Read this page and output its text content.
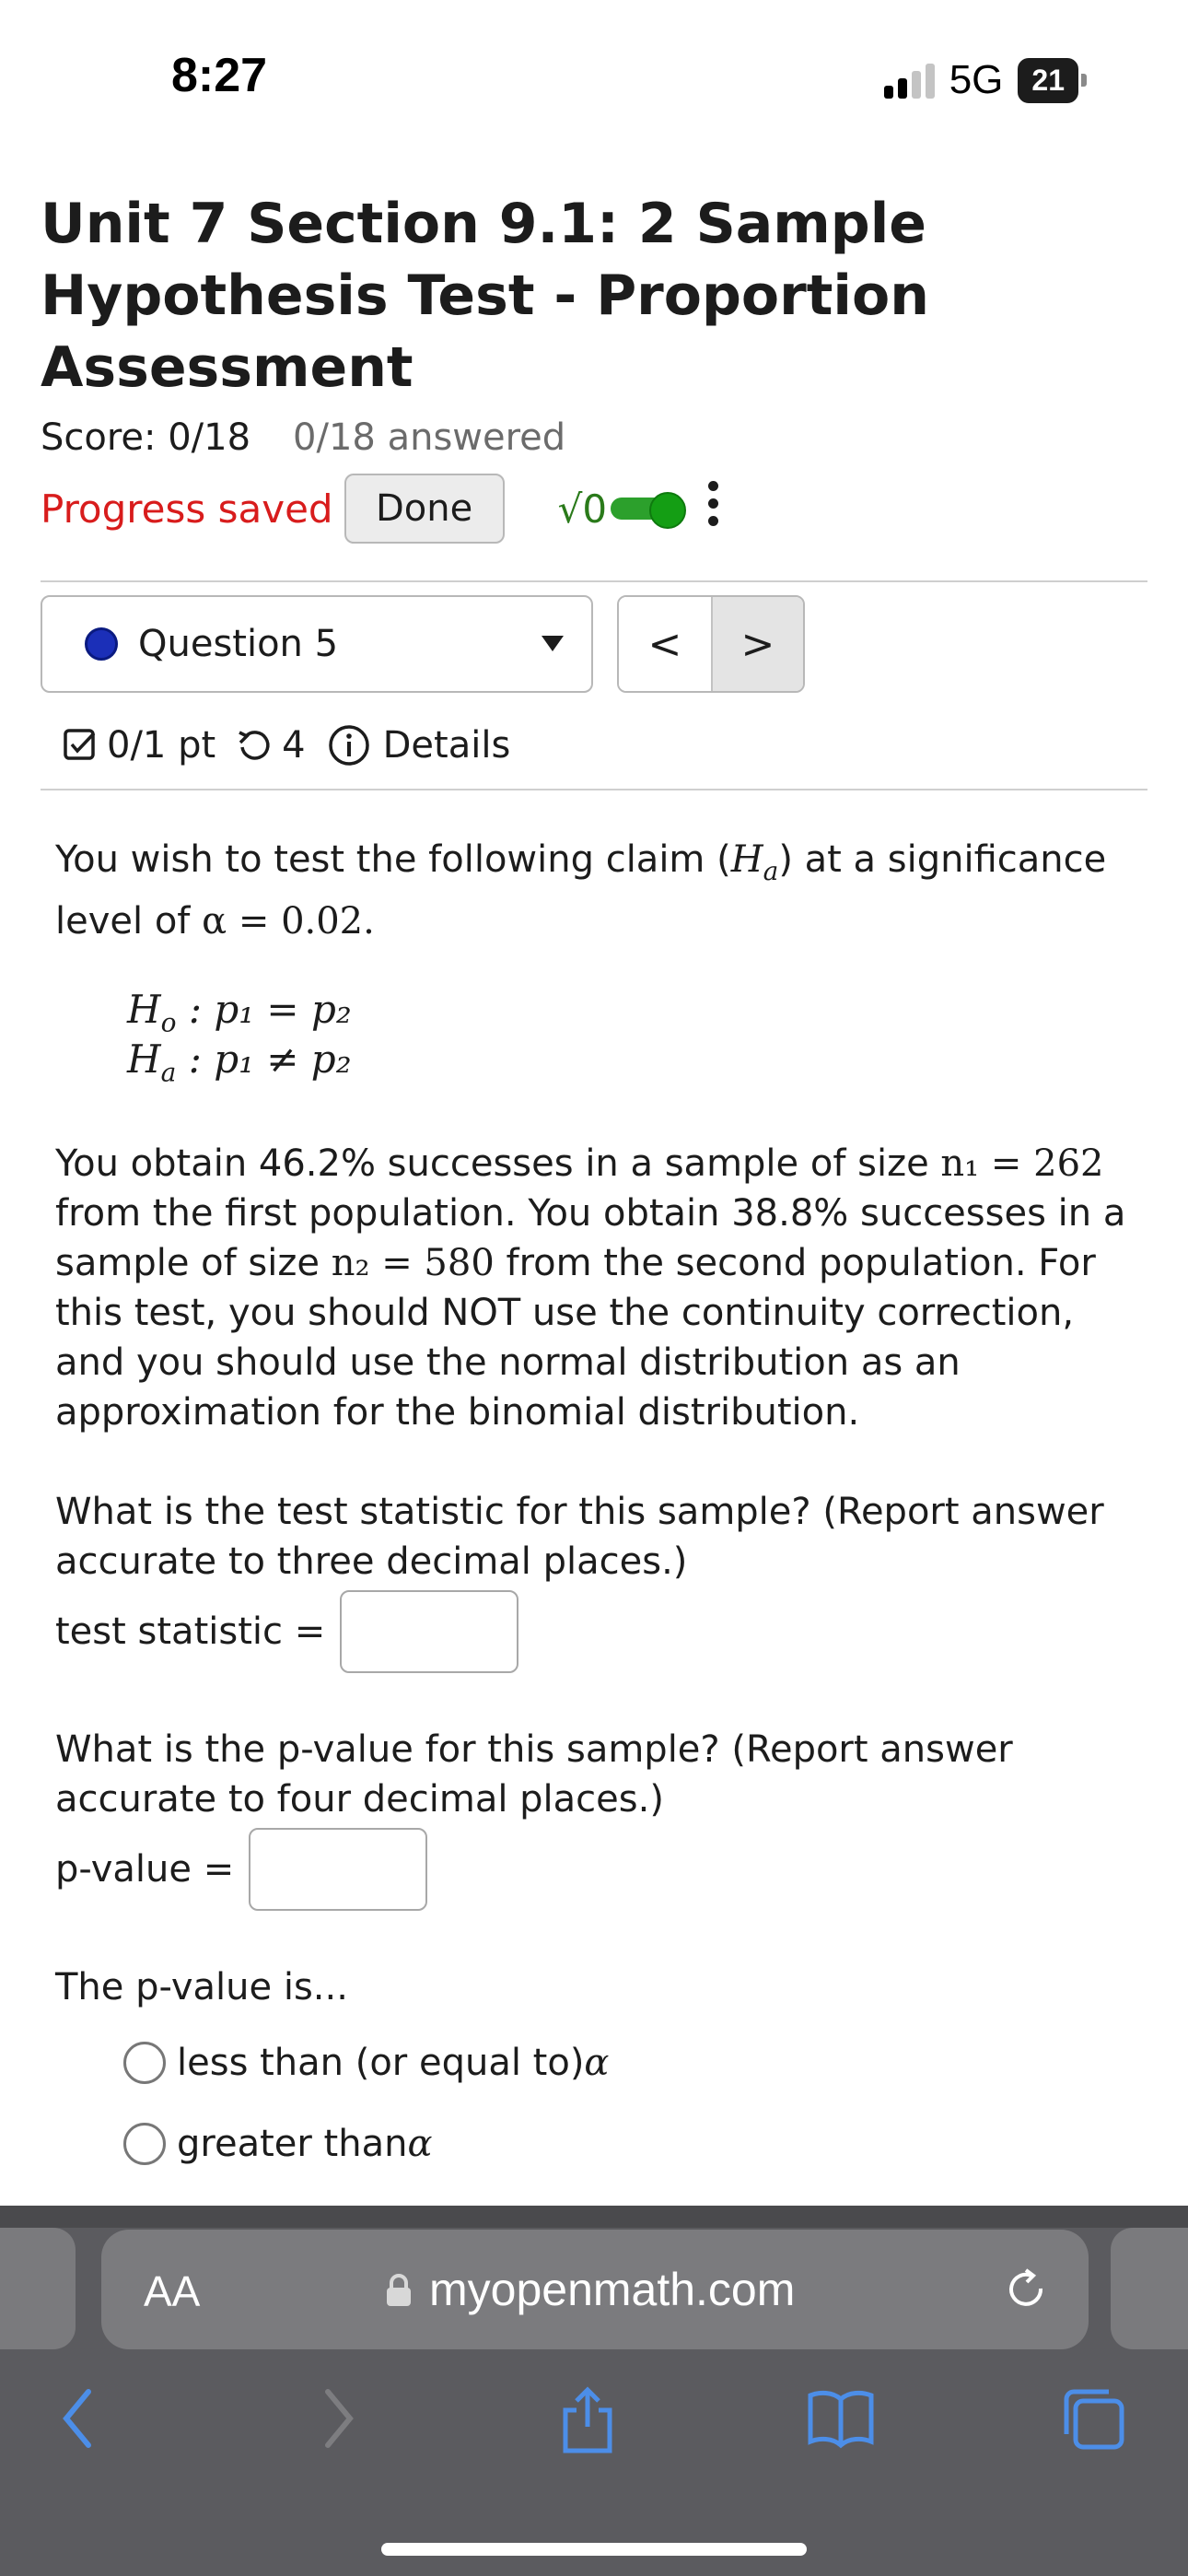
8:27	5G 21
Unit 7 Section 9.1: 2 Sample Hypothesis Test - Proportion Assessment
Score: 0/18 0/18 answered
Progress saved	Done	√0
Question 5	<	>
0/1 pt 4 Details
You wish to test the following claim $(H_a)$ at a significance level of α = 0.02.
$H_o$ : p₁ = p₂
$H_a$ : p₁ ≠ p₂
You obtain 46.2% successes in a sample of size n₁ = 262 from the first population. You obtain 38.8% successes in a sample of size n₂ = 580 from the second population. For this test, you should NOT use the continuity correction, and you should use the normal distribution as an approximation for the binomial distribution.
What is the test statistic for this sample? (Report answer accurate to three decimal places.)
test statistic =
What is the p-value for this sample? (Report answer accurate to four decimal places.)
p-value =
The p-value is...
less than (or equal to) α
greater than α
AA	myopenmath.com
